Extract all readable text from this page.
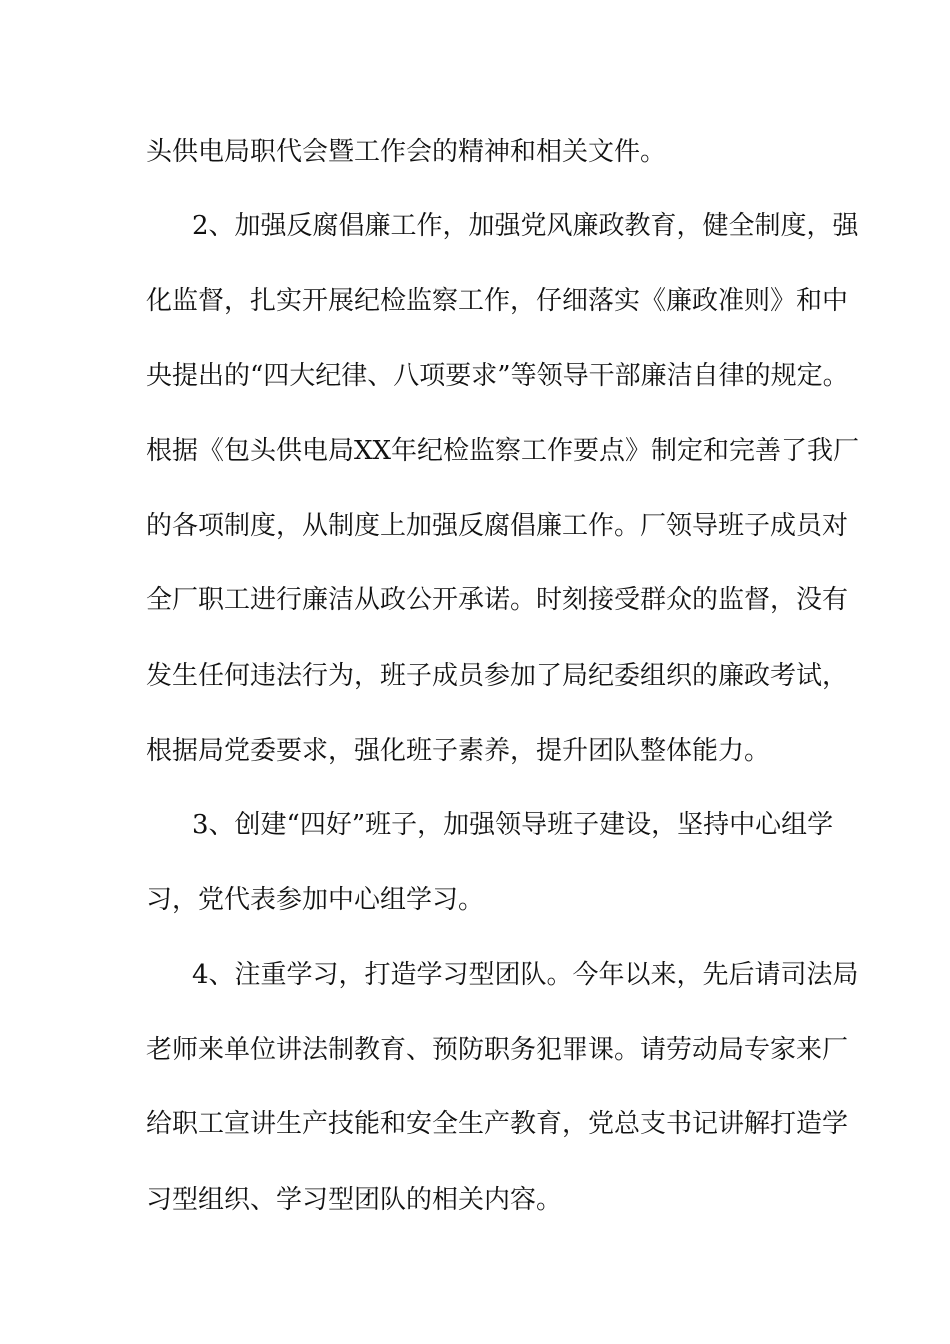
头供电局职代会暨工作会的精神和相关文件。
2、加强反腐倡廉工作，加强党风廉政教育，健全制度，强
化监督，扎实开展纪检监察工作，仔细落实《廉政准则》和中
央提出的“四大纪律、八项要求”等领导干部廉洁自律的规定。
根据《包头供电局XX年纪检监察工作要点》制定和完善了我厂
的各项制度，从制度上加强反腐倡廉工作。厂领导班子成员对
全厂职工进行廉洁从政公开承诺。时刻接受群众的监督，没有
发生任何违法行为，班子成员参加了局纪委组织的廉政考试，
根据局党委要求，强化班子素养，提升团队整体能力。
3、创建“四好”班子，加强领导班子建设，坚持中心组学
习，党代表参加中心组学习。
4、注重学习，打造学习型团队。今年以来，先后请司法局
老师来单位讲法制教育、预防职务犯罪课。请劳动局专家来厂
给职工宣讲生产技能和安全生产教育，党总支书记讲解打造学
习型组织、学习型团队的相关内容。
